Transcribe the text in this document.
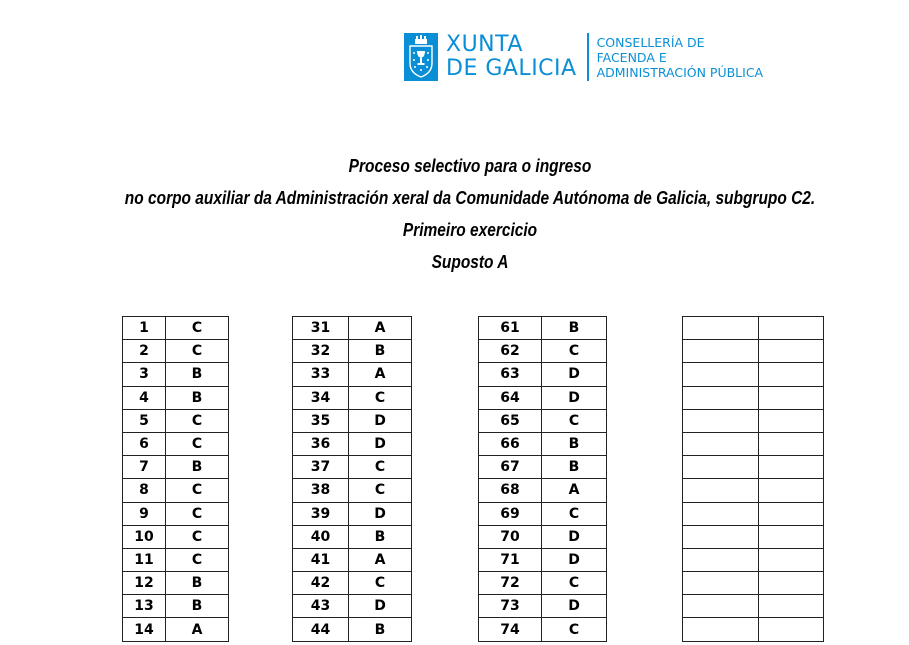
XUNTA
DE GALICIA
CONSELLERÍA DE
FACENDA E
ADMINISTRACIÓN PÚBLICA
Proceso selectivo para o ingreso
no corpo auxiliar da Administración xeral da Comunidade Autónoma de Galicia, subgrupo C2.
Primeiro exercicio
Suposto A
1	C
2	C
3	B
4	B
5	C
6	C
7	B
8	C
9	C
10	C
11	C
12	B
13	B
14	A
31	A
32	B
33	A
34	C
35	D
36	D
37	C
38	C
39	D
40	B
41	A
42	C
43	D
44	B
61	B
62	C
63	D
64	D
65	C
66	B
67	B
68	A
69	C
70	D
71	D
72	C
73	D
74	C
